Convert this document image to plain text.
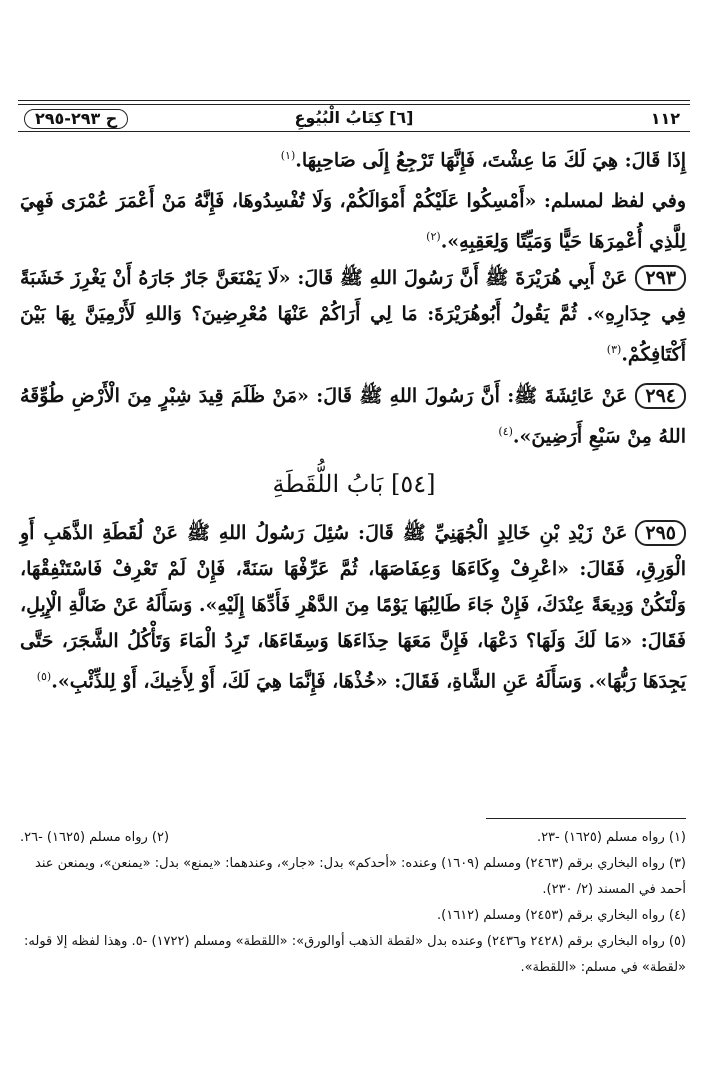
١١٢
[٦] كِتَابُ الْبُيُوعِ
ح ٢٩٣-٢٩٥
إِذَا قَالَ: هِيَ لَكَ مَا عِشْتَ، فَإِنَّهَا تَرْجِعُ إِلَى صَاحِبِهَا.$^{(١)}$
وفي لفظ لمسلم: «أَمْسِكُوا عَلَيْكُمْ أَمْوَالَكُمْ، وَلَا تُفْسِدُوهَا، فَإِنَّهُ مَنْ أَعْمَرَ عُمْرَى فَهِيَ لِلَّذِي أُعْمِرَهَا حَيًّا وَمَيِّتًا وَلِعَقِبِهِ».$^{(٢)}$
٢٩٣عَنْ أَبِي هُرَيْرَةَ ﷺ أَنَّ رَسُولَ اللهِ ﷺ قَالَ: «لَا يَمْنَعَنَّ جَارٌ جَارَهُ أَنْ يَغْرِزَ خَشَبَةً فِي جِدَارِهِ». ثُمَّ يَقُولُ أَبُوهُرَيْرَةَ: مَا لِي أَرَاكُمْ عَنْهَا مُعْرِضِينَ؟ وَاللهِ لَأَرْمِيَنَّ بِهَا بَيْنَ أَكْتَافِكُمْ.$^{(٣)}$
٢٩٤عَنْ عَائِشَةَ ﷺ: أَنَّ رَسُولَ اللهِ ﷺ قَالَ: «مَنْ ظَلَمَ قِيدَ شِبْرٍ مِنَ الْأَرْضِ طُوِّقَهُ اللهُ مِنْ سَبْعِ أَرَضِينَ».$^{(٤)}$
[٥٤] بَابُ اللُّقَطَةِ
٢٩٥عَنْ زَيْدِ بْنِ خَالِدٍ الْجُهَنِيِّ ﷺ قَالَ: سُئِلَ رَسُولُ اللهِ ﷺ عَنْ لُقَطَةِ الذَّهَبِ أَوِ الْوَرِقِ، فَقَالَ: «اعْرِفْ وِكَاءَهَا وَعِفَاصَهَا، ثُمَّ عَرِّفْهَا سَنَةً، فَإِنْ لَمْ تَعْرِفْ فَاسْتَنْفِقْهَا، وَلْتَكُنْ وَدِيعَةً عِنْدَكَ، فَإِنْ جَاءَ طَالِبُهَا يَوْمًا مِنَ الدَّهْرِ فَأَدِّهَا إِلَيْهِ». وَسَأَلَهُ عَنْ ضَالَّةِ الْإِبِلِ، فَقَالَ: «مَا لَكَ وَلَهَا؟ دَعْهَا، فَإِنَّ مَعَهَا حِذَاءَهَا وَسِقَاءَهَا، تَرِدُ الْمَاءَ وَتَأْكُلُ الشَّجَرَ، حَتَّى يَجِدَهَا رَبُّهَا». وَسَأَلَهُ عَنِ الشَّاةِ، فَقَالَ: «خُذْهَا، فَإِنَّمَا هِيَ لَكَ، أَوْ لِأَخِيكَ، أَوْ لِلذِّئْبِ».$^{(٥)}$

(١) رواه مسلم (١٦٢٥) -٢٣.

(٢) رواه مسلم (١٦٢٥) -٢٦.

(٣) رواه البخاري برقم (٢٤٦٣) ومسلم (١٦٠٩) وعنده: «أحدكم» بدل: «جار»، وعندهما: «يمنع» بدل: «يمنعن»، ويمنعن عند أحمد في المسند (٢/ ٢٣٠).

(٤) رواه البخاري برقم (٢٤٥٣) ومسلم (١٦١٢).

(٥) رواه البخاري برقم (٢٤٢٨ و٢٤٣٦) وعنده بدل «لقطة الذهب أوالورق»: «اللقطة» ومسلم (١٧٢٢) -٥. وهذا لفظه إلا قوله: «لقطة» في مسلم: «اللقطة».
